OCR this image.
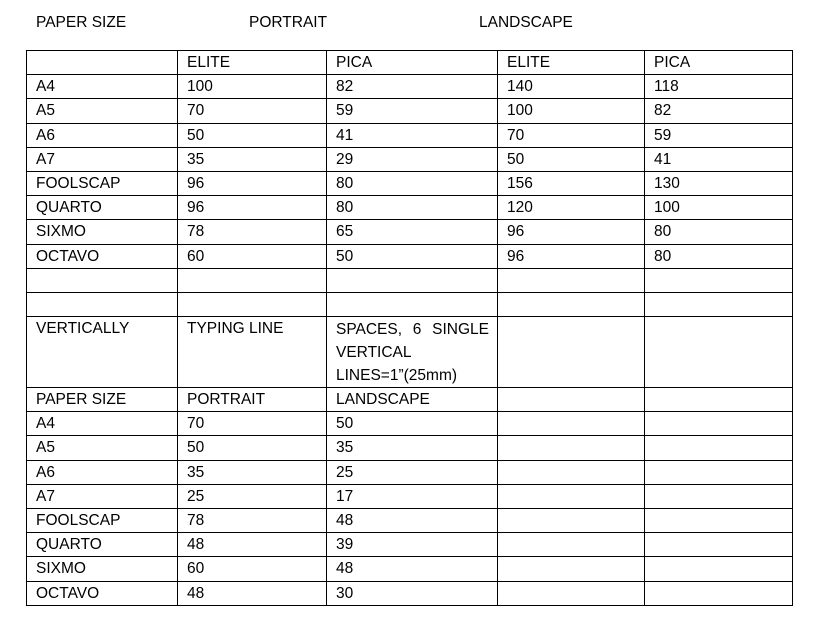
PAPER SIZE	PORTRAIT	LANDSCAPE
	ELITE	PICA	ELITE	PICA
A4	100	82	140	118
A5	70	59	100	82
A6	50	41	70	59
A7	35	29	50	41
FOOLSCAP	96	80	156	130
QUARTO	96	80	120	100
SIXMO	78	65	96	80
OCTAVO	60	50	96	80

VERTICALLY	TYPING LINE	SPACES, 6 SINGLE
VERTICAL
LINES=1”(25mm)		

PAPER SIZE	PORTRAIT	LANDSCAPE		
A4	70	50		
A5	50	35		
A6	35	25		
A7	25	17		
FOOLSCAP	78	48		
QUARTO	48	39		
SIXMO	60	48		
OCTAVO	48	30		
